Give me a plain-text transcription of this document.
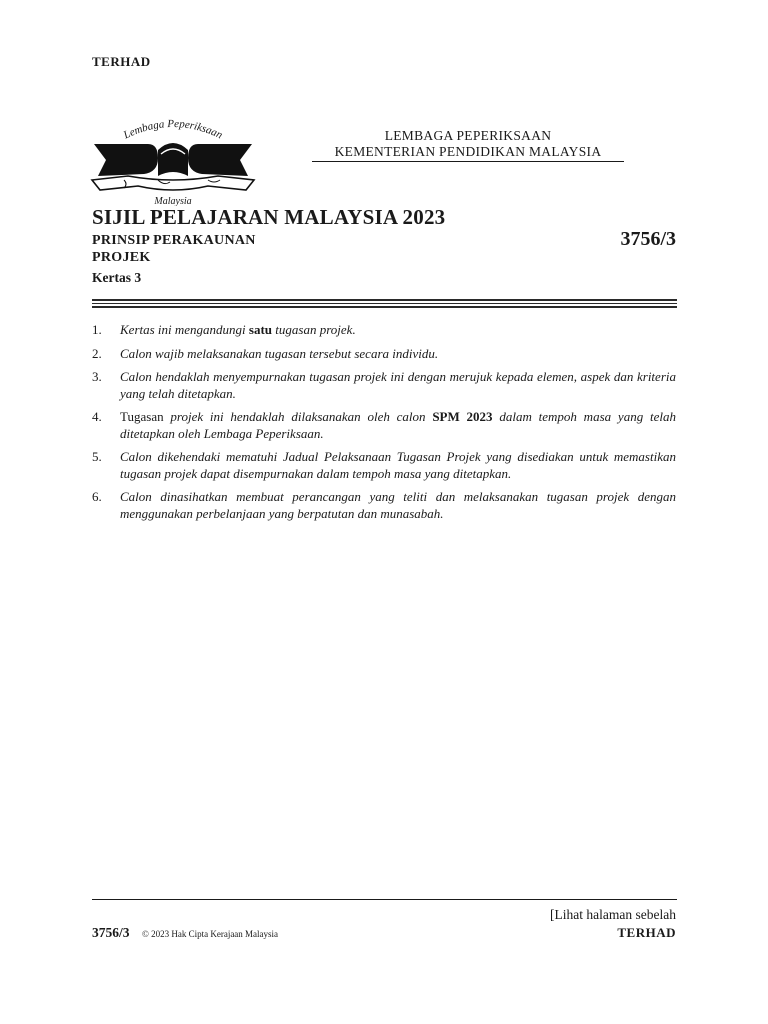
TERHAD
Lembaga Peperiksaan
Malaysia
LEMBAGA PEPERIKSAAN
KEMENTERIAN PENDIDIKAN MALAYSIA
SIJIL PELAJARAN MALAYSIA 2023
PRINSIP PERAKAUNAN
PROJEK
Kertas 3
3756/3
1.	Kertas ini mengandungi satu tugasan projek.
2.	Calon wajib melaksanakan tugasan tersebut secara individu.
3.	Calon hendaklah menyempurnakan tugasan projek ini dengan merujuk kepada elemen, aspek dan kriteria yang telah ditetapkan.
4.	Tugasan projek ini hendaklah dilaksanakan oleh calon SPM 2023 dalam tempoh masa yang telah ditetapkan oleh Lembaga Peperiksaan.
5.	Calon dikehendaki mematuhi Jadual Pelaksanaan Tugasan Projek yang disediakan untuk memastikan tugasan projek dapat disempurnakan dalam tempoh masa yang ditetapkan.
6.	Calon dinasihatkan membuat perancangan yang teliti dan melaksanakan tugasan projek dengan menggunakan perbelanjaan yang berpatutan dan munasabah.
[Lihat halaman sebelah
3756/3 © 2023 Hak Cipta Kerajaan Malaysia	TERHAD
